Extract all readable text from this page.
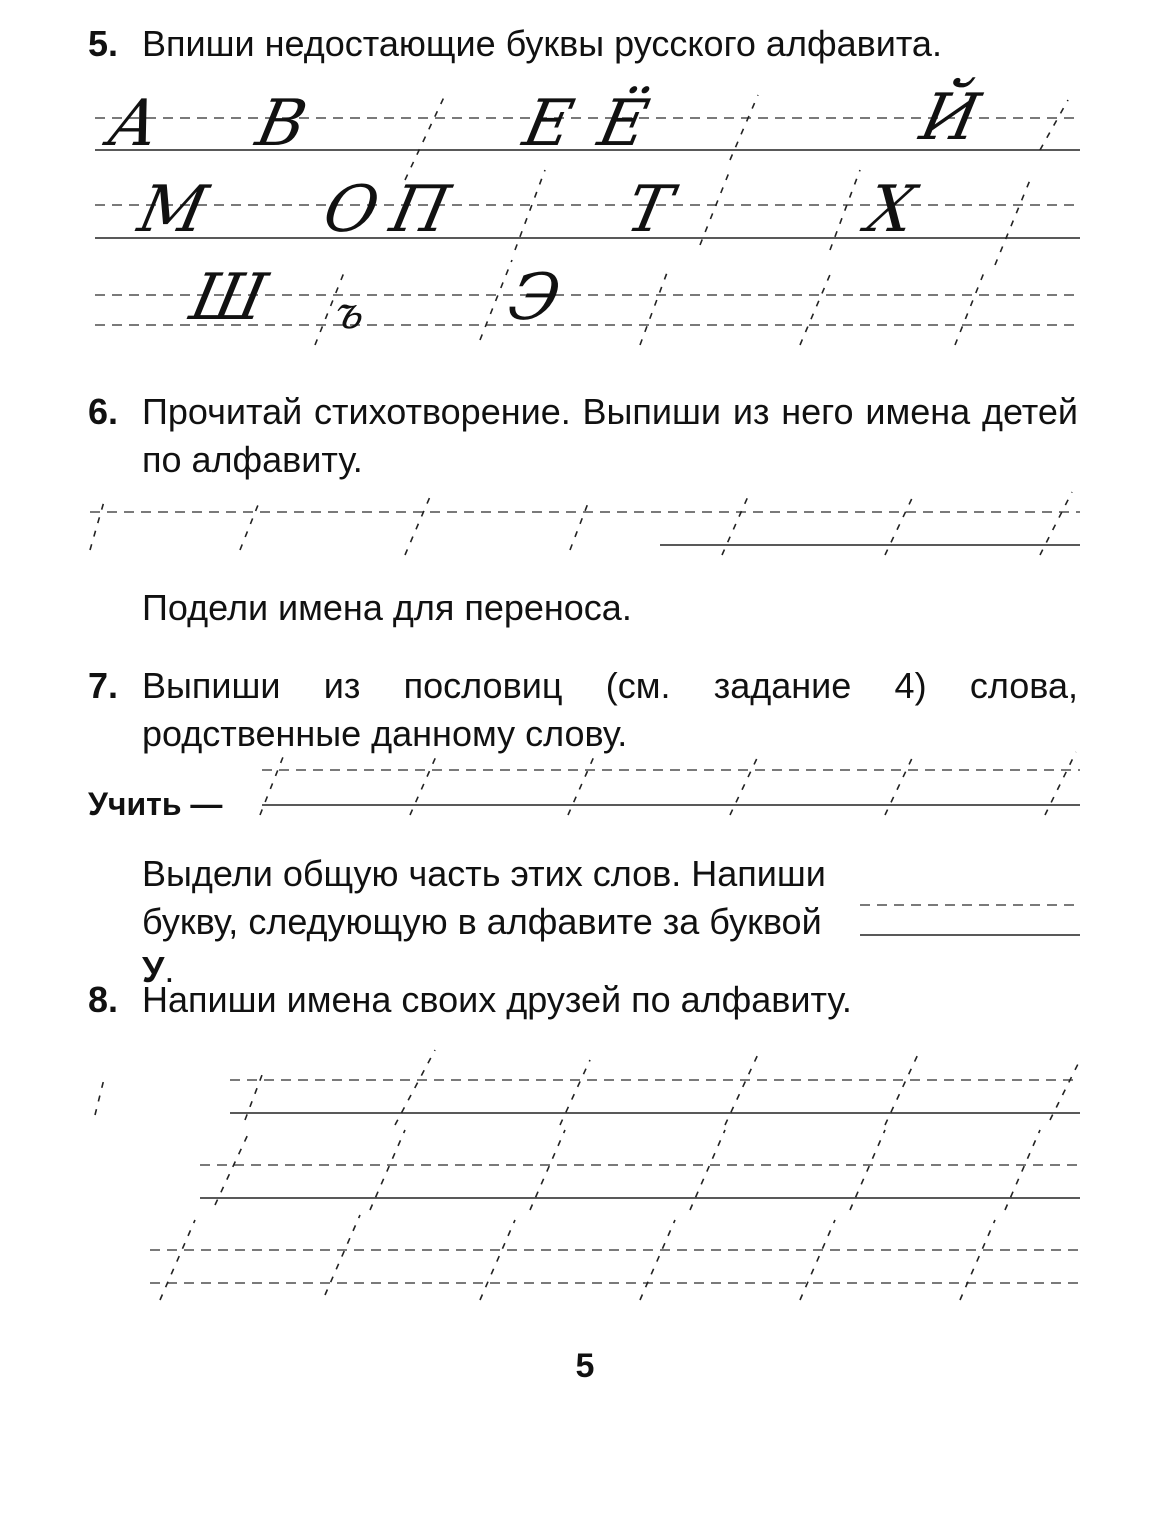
5. Впиши недостающие буквы русского алфавита.
А В	Е Ё	Й
М О
П	Т	Х
Ш ъ Э
6. Прочитай стихотворение. Выпиши из него имена детей по алфавиту.
Подели имена для переноса.
7. Выпиши из пословиц (см. задание 4) слова, родственные данному слову.
Учить —
Выдели общую часть этих слов. Напиши букву, следующую в алфавите за буквой У.
8. Напиши имена своих друзей по алфавиту.
5
